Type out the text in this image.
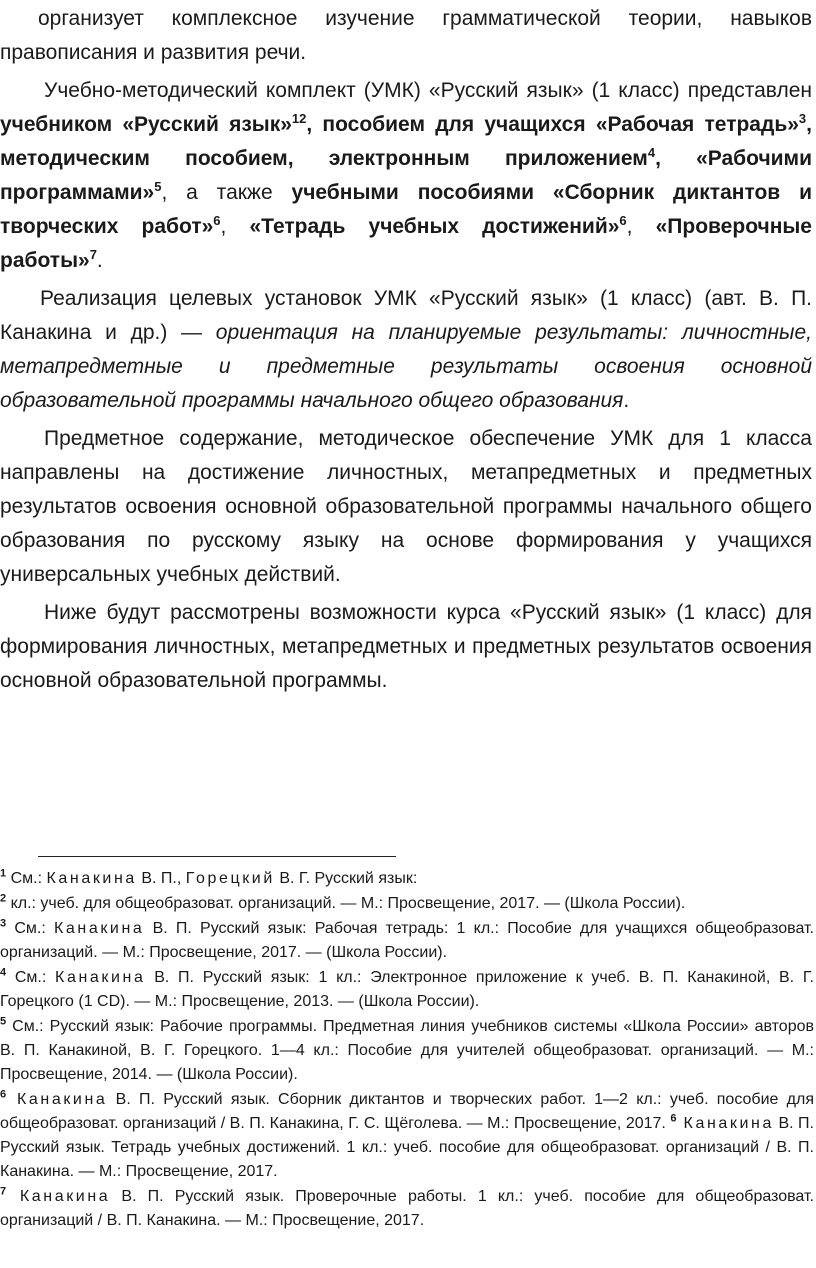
организует комплексное изучение грамматической теории, навыков правописания и развития речи.

Учебно-методический комплект (УМК) «Русский язык» (1 класс) представлен учебником «Русский язык»$^{12}$, пособием для учащихся «Рабочая тетрадь»$^3$, методическим пособием, электронным приложением$^4$, «Рабочими программами»$^5$, а также учебными пособиями «Сборник диктантов и творческих работ»$^6$, «Тетрадь учебных достижений»$^6$, «Проверочные работы»$^7$.

Реализация целевых установок УМК «Русский язык» (1 класс) (авт. В. П. Канакина и др.) — ориентация на планируемые результаты: личностные, метапредметные и предметные результаты освоения основной образовательной программы начального общего образования.

Предметное содержание, методическое обеспечение УМК для 1 класса направлены на достижение личностных, метапредметных и предметных результатов освоения основной образовательной программы начального общего образования по русскому языку на основе формирования у учащихся универсальных учебных действий.

Ниже будут рассмотрены возможности курса «Русский язык» (1 класс) для формирования личностных, метапредметных и предметных результатов освоения основной образовательной программы.

$^1$ См.: Канакина В. П., Горецкий В. Г. Русский язык:

$^2$ кл.: учеб. для общеобразоват. организаций. — М.: Просвещение, 2017. — (Школа России).

$^3$ См.: Канакина В. П. Русский язык: Рабочая тетрадь: 1 кл.: Пособие для учащихся общеобразоват. организаций. — М.: Просвещение, 2017. — (Школа России).

$^4$ См.: Канакина В. П. Русский язык: 1 кл.: Электронное приложение к учеб. В. П. Канакиной, В. Г. Горецкого (1 CD). — М.: Просвещение, 2013. — (Школа России).

$^5$ См.: Русский язык: Рабочие программы. Предметная линия учебников системы «Школа России» авторов В. П. Канакиной, В. Г. Горецкого. 1—4 кл.: Пособие для учителей общеобразоват. организаций. — М.: Просвещение, 2014. — (Школа России).

$^6$ Канакина В. П. Русский язык. Сборник диктантов и творческих работ. 1—2 кл.: учеб. пособие для общеобразоват. организаций / В. П. Канакина, Г. С. Щёголева. — М.: Просвещение, 2017. $^6$ Канакина В. П. Русский язык. Тетрадь учебных достижений. 1 кл.: учеб. пособие для общеобразоват. организаций / В. П. Канакина. — М.: Просвещение, 2017.

$^7$ Канакина В. П. Русский язык. Проверочные работы. 1 кл.: учеб. пособие для общеобразоват. организаций / В. П. Канакина. — М.: Просвещение, 2017.
